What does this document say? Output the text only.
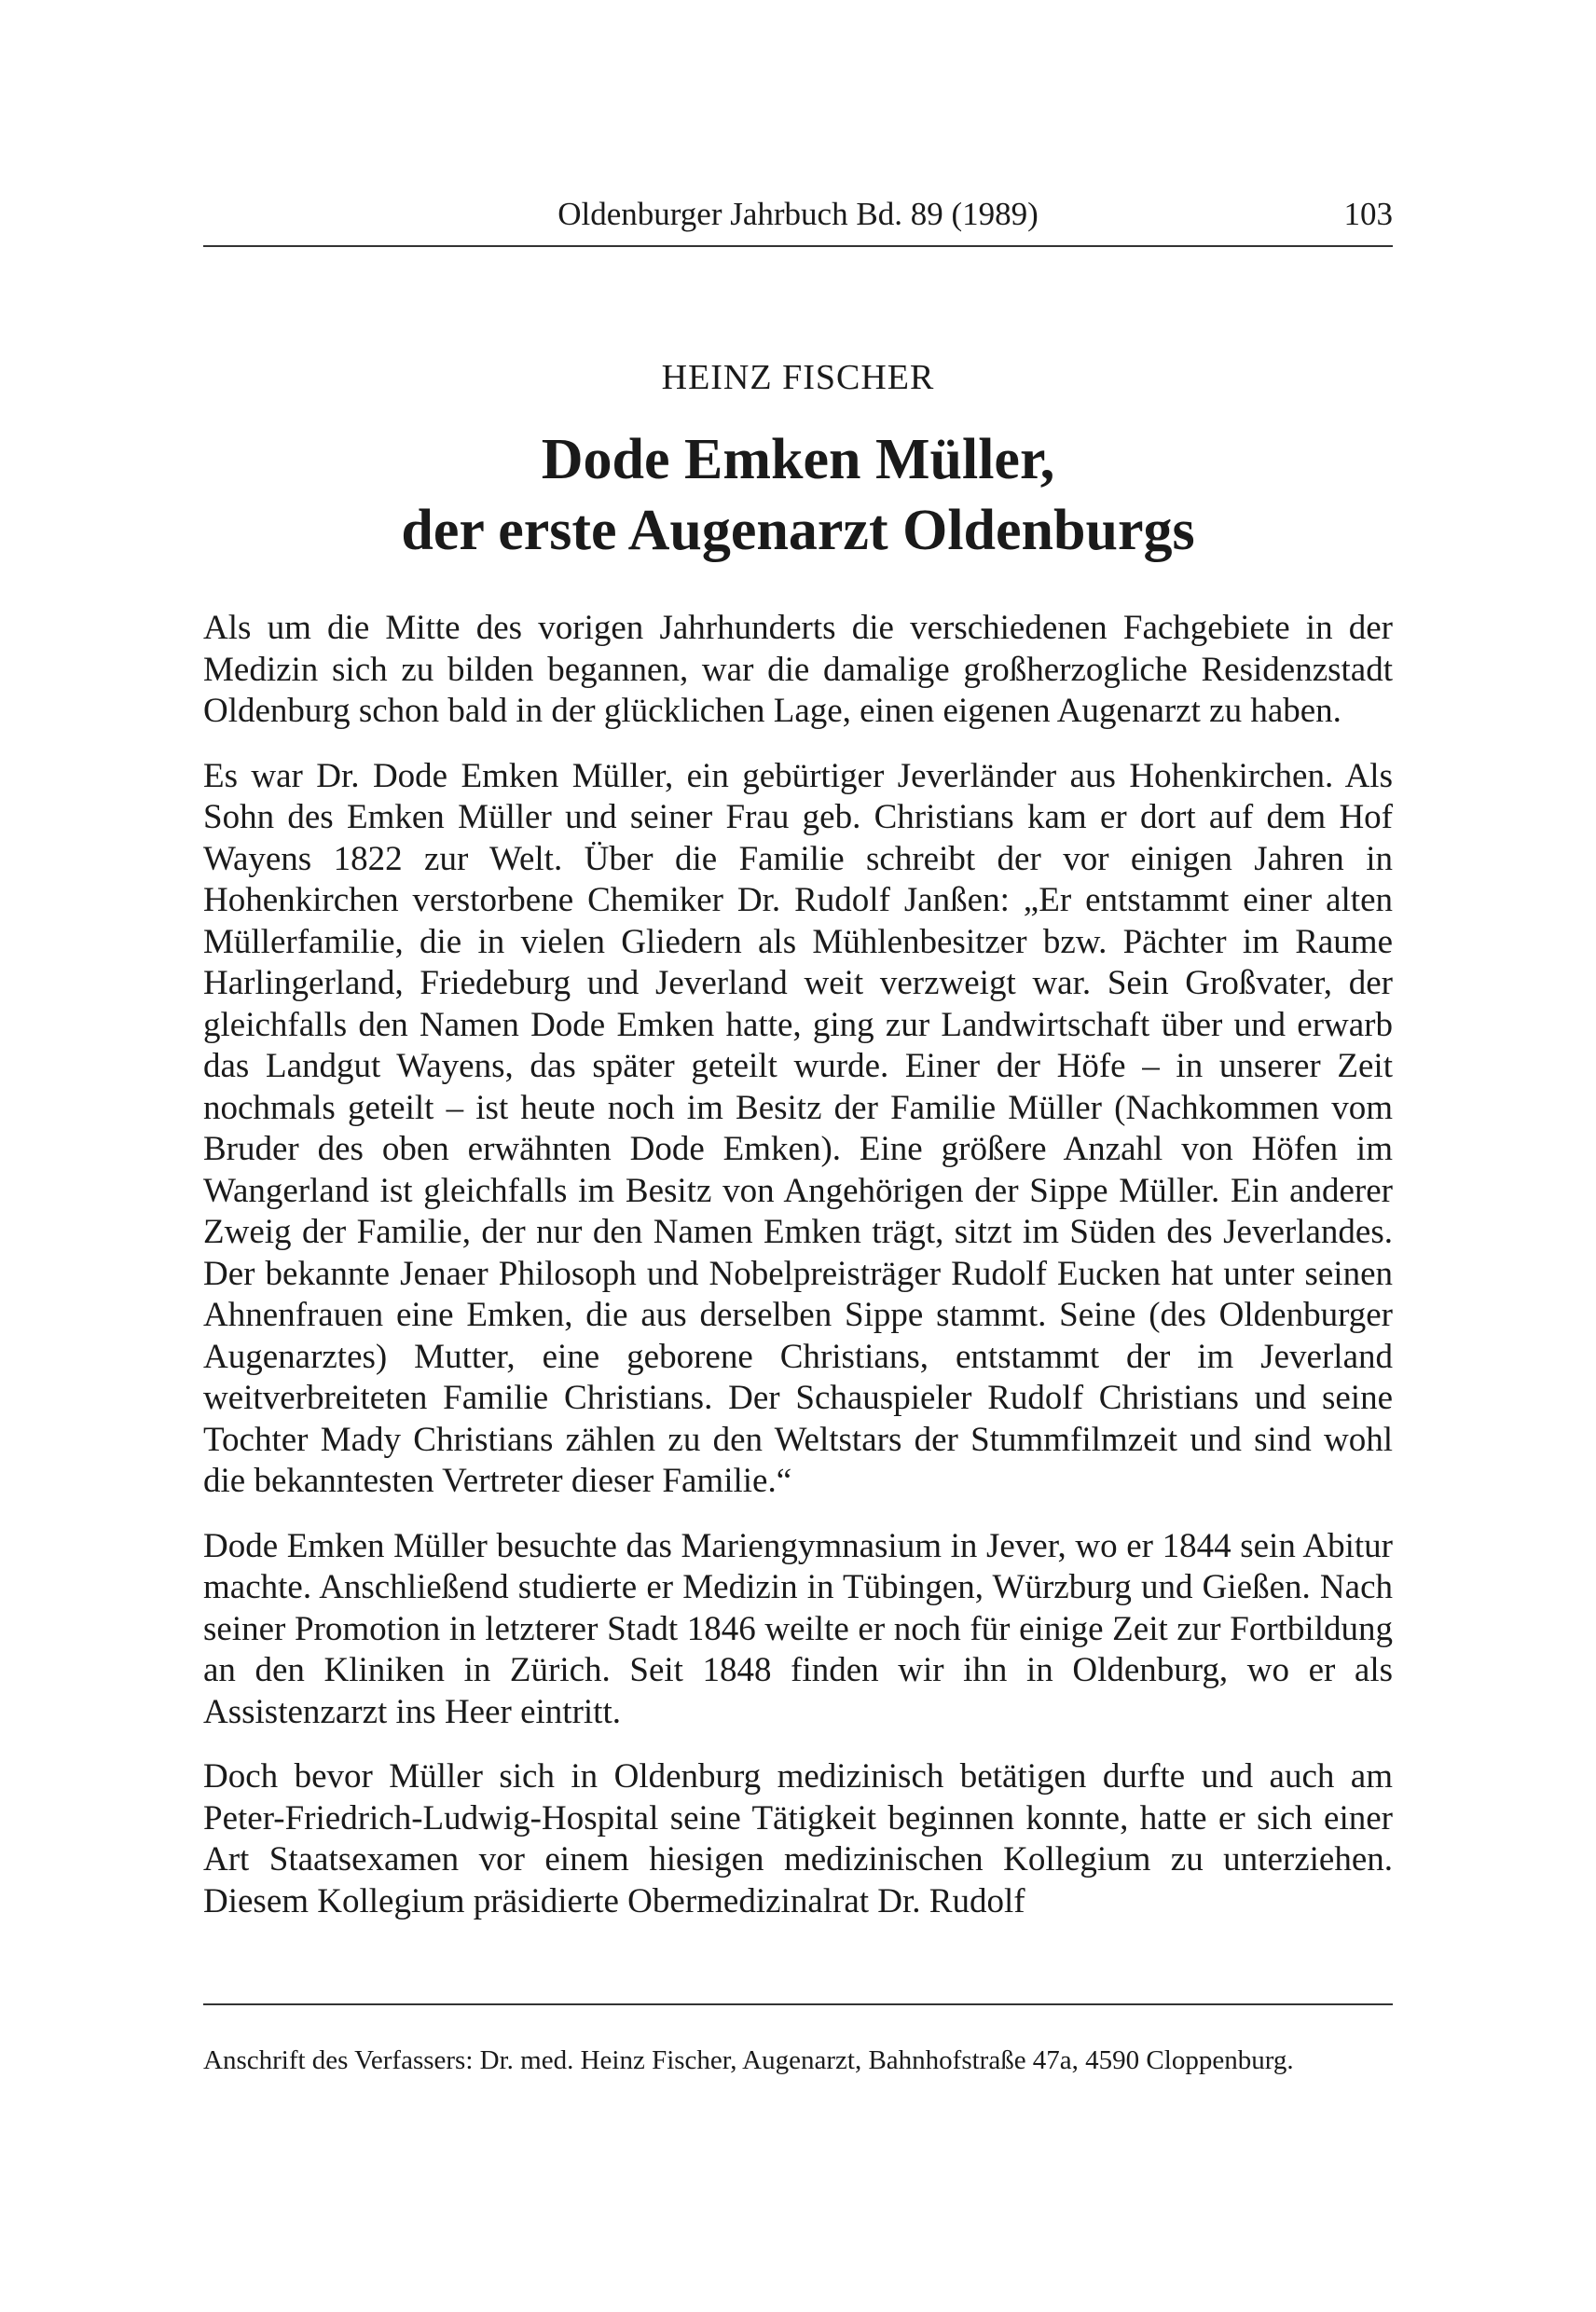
Oldenburger Jahrbuch Bd. 89 (1989)	103
HEINZ FISCHER
Dode Emken Müller,
der erste Augenarzt Oldenburgs

Als um die Mitte des vorigen Jahrhunderts die verschiedenen Fachgebiete in der Medizin sich zu bilden begannen, war die damalige großherzogliche Residenzstadt Oldenburg schon bald in der glücklichen Lage, einen eigenen Augenarzt zu haben.

Es war Dr. Dode Emken Müller, ein gebürtiger Jeverländer aus Hohenkirchen. Als Sohn des Emken Müller und seiner Frau geb. Christians kam er dort auf dem Hof Wayens 1822 zur Welt. Über die Familie schreibt der vor einigen Jahren in Hohenkirchen verstorbene Chemiker Dr. Rudolf Janßen: „Er entstammt einer alten Müllerfamilie, die in vielen Gliedern als Mühlenbesitzer bzw. Pächter im Raume Harlingerland, Friedeburg und Jeverland weit verzweigt war. Sein Großvater, der gleichfalls den Namen Dode Emken hatte, ging zur Landwirtschaft über und erwarb das Landgut Wayens, das später geteilt wurde. Einer der Höfe – in unserer Zeit nochmals geteilt – ist heute noch im Besitz der Familie Müller (Nachkommen vom Bruder des oben erwähnten Dode Emken). Eine größere Anzahl von Höfen im Wangerland ist gleichfalls im Besitz von Angehörigen der Sippe Müller. Ein anderer Zweig der Familie, der nur den Namen Emken trägt, sitzt im Süden des Jeverlandes. Der bekannte Jenaer Philosoph und Nobelpreisträger Rudolf Eucken hat unter seinen Ahnenfrauen eine Emken, die aus derselben Sippe stammt. Seine (des Oldenburger Augenarztes) Mutter, eine geborene Christians, entstammt der im Jeverland weitverbreiteten Familie Christians. Der Schauspieler Rudolf Christians und seine Tochter Mady Christians zählen zu den Weltstars der Stummfilmzeit und sind wohl die bekanntesten Vertreter dieser Familie.“

Dode Emken Müller besuchte das Mariengymnasium in Jever, wo er 1844 sein Abitur machte. Anschließend studierte er Medizin in Tübingen, Würzburg und Gießen. Nach seiner Promotion in letzterer Stadt 1846 weilte er noch für einige Zeit zur Fortbildung an den Kliniken in Zürich. Seit 1848 finden wir ihn in Oldenburg, wo er als Assistenzarzt ins Heer eintritt.

Doch bevor Müller sich in Oldenburg medizinisch betätigen durfte und auch am Peter-Friedrich-Ludwig-Hospital seine Tätigkeit beginnen konnte, hatte er sich einer Art Staatsexamen vor einem hiesigen medizinischen Kollegium zu unterziehen. Diesem Kollegium präsidierte Obermedizinalrat Dr. Rudolf

Anschrift des Verfassers: Dr. med. Heinz Fischer, Augenarzt, Bahnhofstraße 47a, 4590 Cloppenburg.
